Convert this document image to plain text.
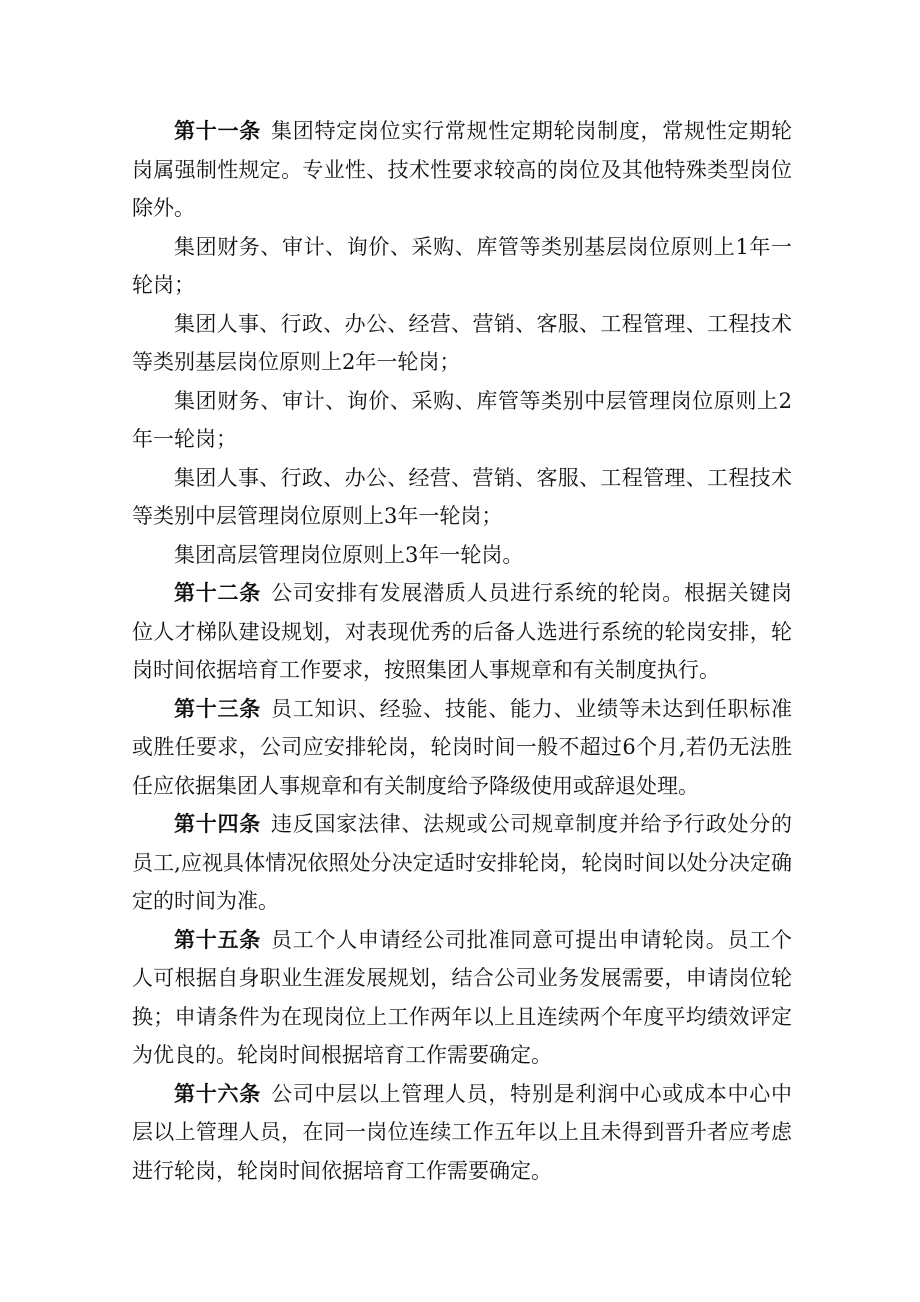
第十一条 集团特定岗位实行常规性定期轮岗制度，常规性定期轮岗属强制性规定。专业性、技术性要求较高的岗位及其他特殊类型岗位除外。

集团财务、审计、询价、采购、库管等类别基层岗位原则上1年一轮岗；

集团人事、行政、办公、经营、营销、客服、工程管理、工程技术等类别基层岗位原则上2年一轮岗；

集团财务、审计、询价、采购、库管等类别中层管理岗位原则上2年一轮岗；

集团人事、行政、办公、经营、营销、客服、工程管理、工程技术等类别中层管理岗位原则上3年一轮岗；

集团高层管理岗位原则上3年一轮岗。

第十二条 公司安排有发展潜质人员进行系统的轮岗。根据关键岗位人才梯队建设规划，对表现优秀的后备人选进行系统的轮岗安排，轮岗时间依据培育工作要求，按照集团人事规章和有关制度执行。

第十三条 员工知识、经验、技能、能力、业绩等未达到任职标准或胜任要求，公司应安排轮岗，轮岗时间一般不超过6个月,若仍无法胜任应依据集团人事规章和有关制度给予降级使用或辞退处理。

第十四条 违反国家法律、法规或公司规章制度并给予行政处分的员工,应视具体情况依照处分决定适时安排轮岗，轮岗时间以处分决定确定的时间为准。

第十五条 员工个人申请经公司批准同意可提出申请轮岗。员工个人可根据自身职业生涯发展规划，结合公司业务发展需要，申请岗位轮换；申请条件为在现岗位上工作两年以上且连续两个年度平均绩效评定为优良的。轮岗时间根据培育工作需要确定。

第十六条 公司中层以上管理人员，特别是利润中心或成本中心中层以上管理人员，在同一岗位连续工作五年以上且未得到晋升者应考虑进行轮岗，轮岗时间依据培育工作需要确定。
